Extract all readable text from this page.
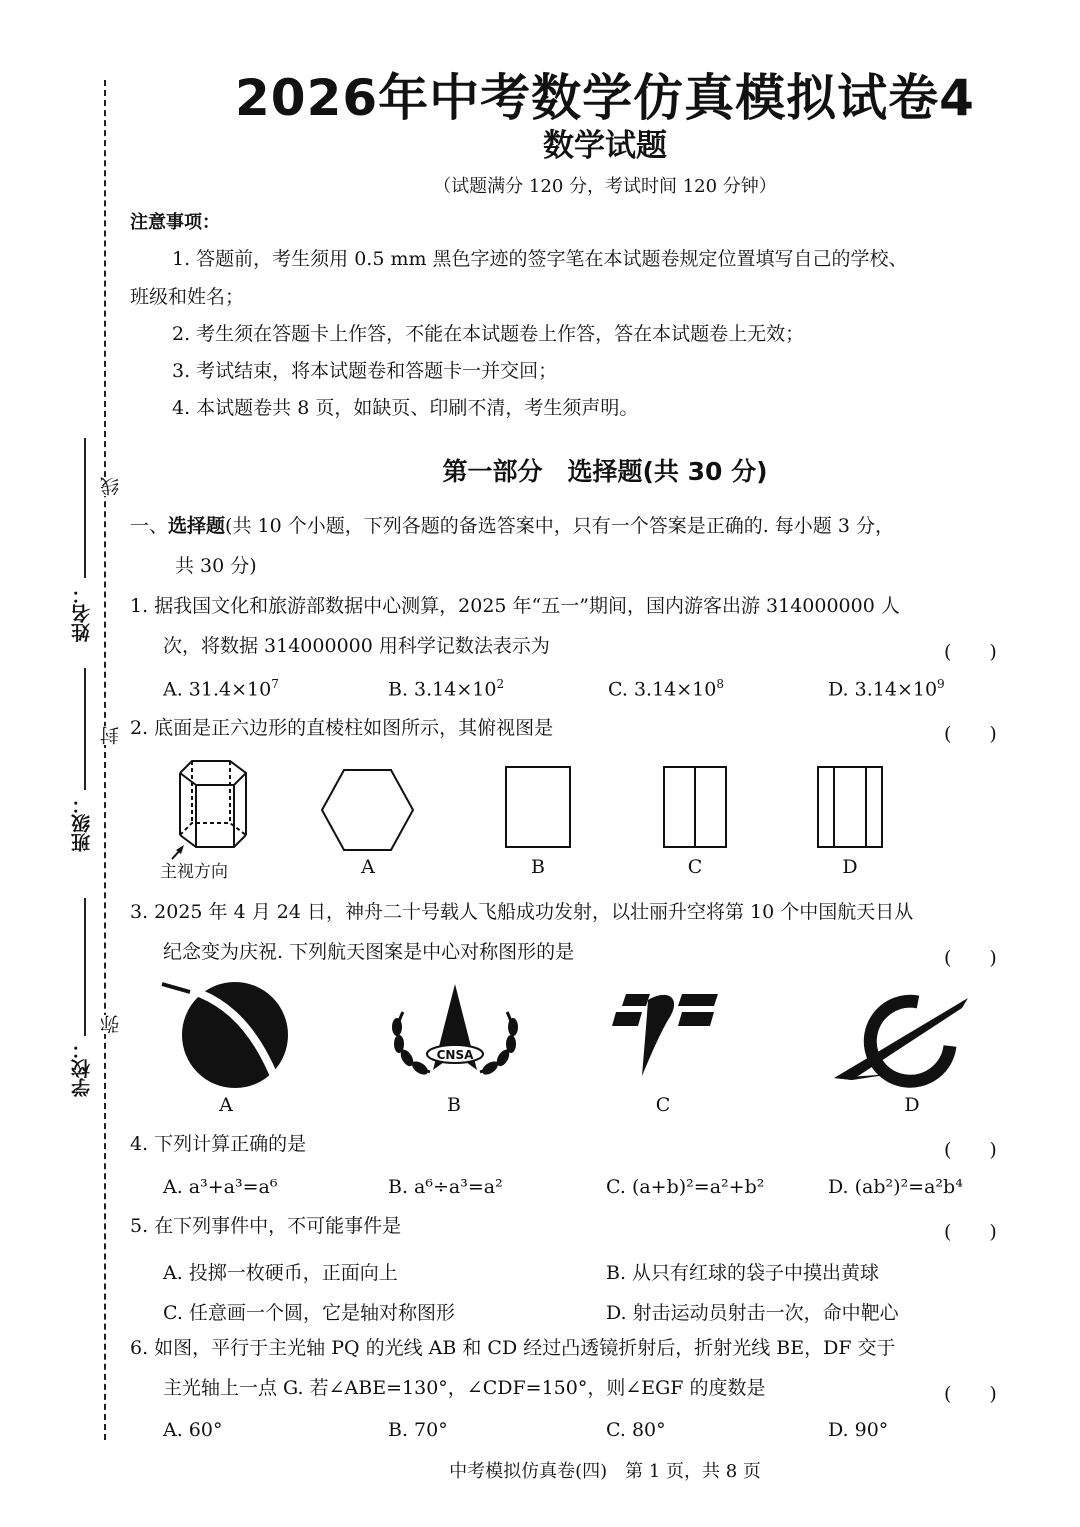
线
封
弥
姓名：
班级：
学校：
2026年中考数学仿真模拟试卷4
数学试题
（试题满分 120 分，考试时间 120 分钟）
注意事项：
1. 答题前，考生须用 0.5 mm 黑色字迹的签字笔在本试题卷规定位置填写自己的学校、
班级和姓名；
2. 考生须在答题卡上作答，不能在本试题卷上作答，答在本试题卷上无效；
3. 考试结束，将本试题卷和答题卡一并交回；
4. 本试题卷共 8 页，如缺页、印刷不清，考生须声明。
第一部分　选择题(共 30 分)
一、选择题(共 10 个小题，下列各题的备选答案中，只有一个答案是正确的. 每小题 3 分，
共 30 分)
1. 据我国文化和旅游部数据中心测算，2025 年“五一”期间，国内游客出游 314000000 人
次，将数据 314000000 用科学记数法表示为	(　　)
A. $31.4\times 10^7$	B. $3.14\times 10^2$	C. $3.14\times 10^8$	D. $3.14\times 10^9$
2. 底面是正六边形的直棱柱如图所示，其俯视图是	(　　)
主视方向	A	B	C	D
3. 2025 年 4 月 24 日，神舟二十号载人飞船成功发射，以壮丽升空将第 10 个中国航天日从
纪念变为庆祝. 下列航天图案是中心对称图形的是	(　　)
CNSA
A	B	C	D
4. 下列计算正确的是	(　　)
A. a³+a³=a⁶	B. a⁶÷a³=a²	C. (a+b)²=a²+b²	D. (ab²)²=a²b⁴
5. 在下列事件中，不可能事件是	(　　)
A. 投掷一枚硬币，正面向上	B. 从只有红球的袋子中摸出黄球
C. 任意画一个圆，它是轴对称图形	D. 射击运动员射击一次，命中靶心
6. 如图，平行于主光轴 PQ 的光线 AB 和 CD 经过凸透镜折射后，折射光线 BE，DF 交于
主光轴上一点 G. 若∠ABE=130°，∠CDF=150°，则∠EGF 的度数是	(　　)
A. 60°	B. 70°	C. 80°	D. 90°
中考模拟仿真卷(四)　第 1 页，共 8 页
